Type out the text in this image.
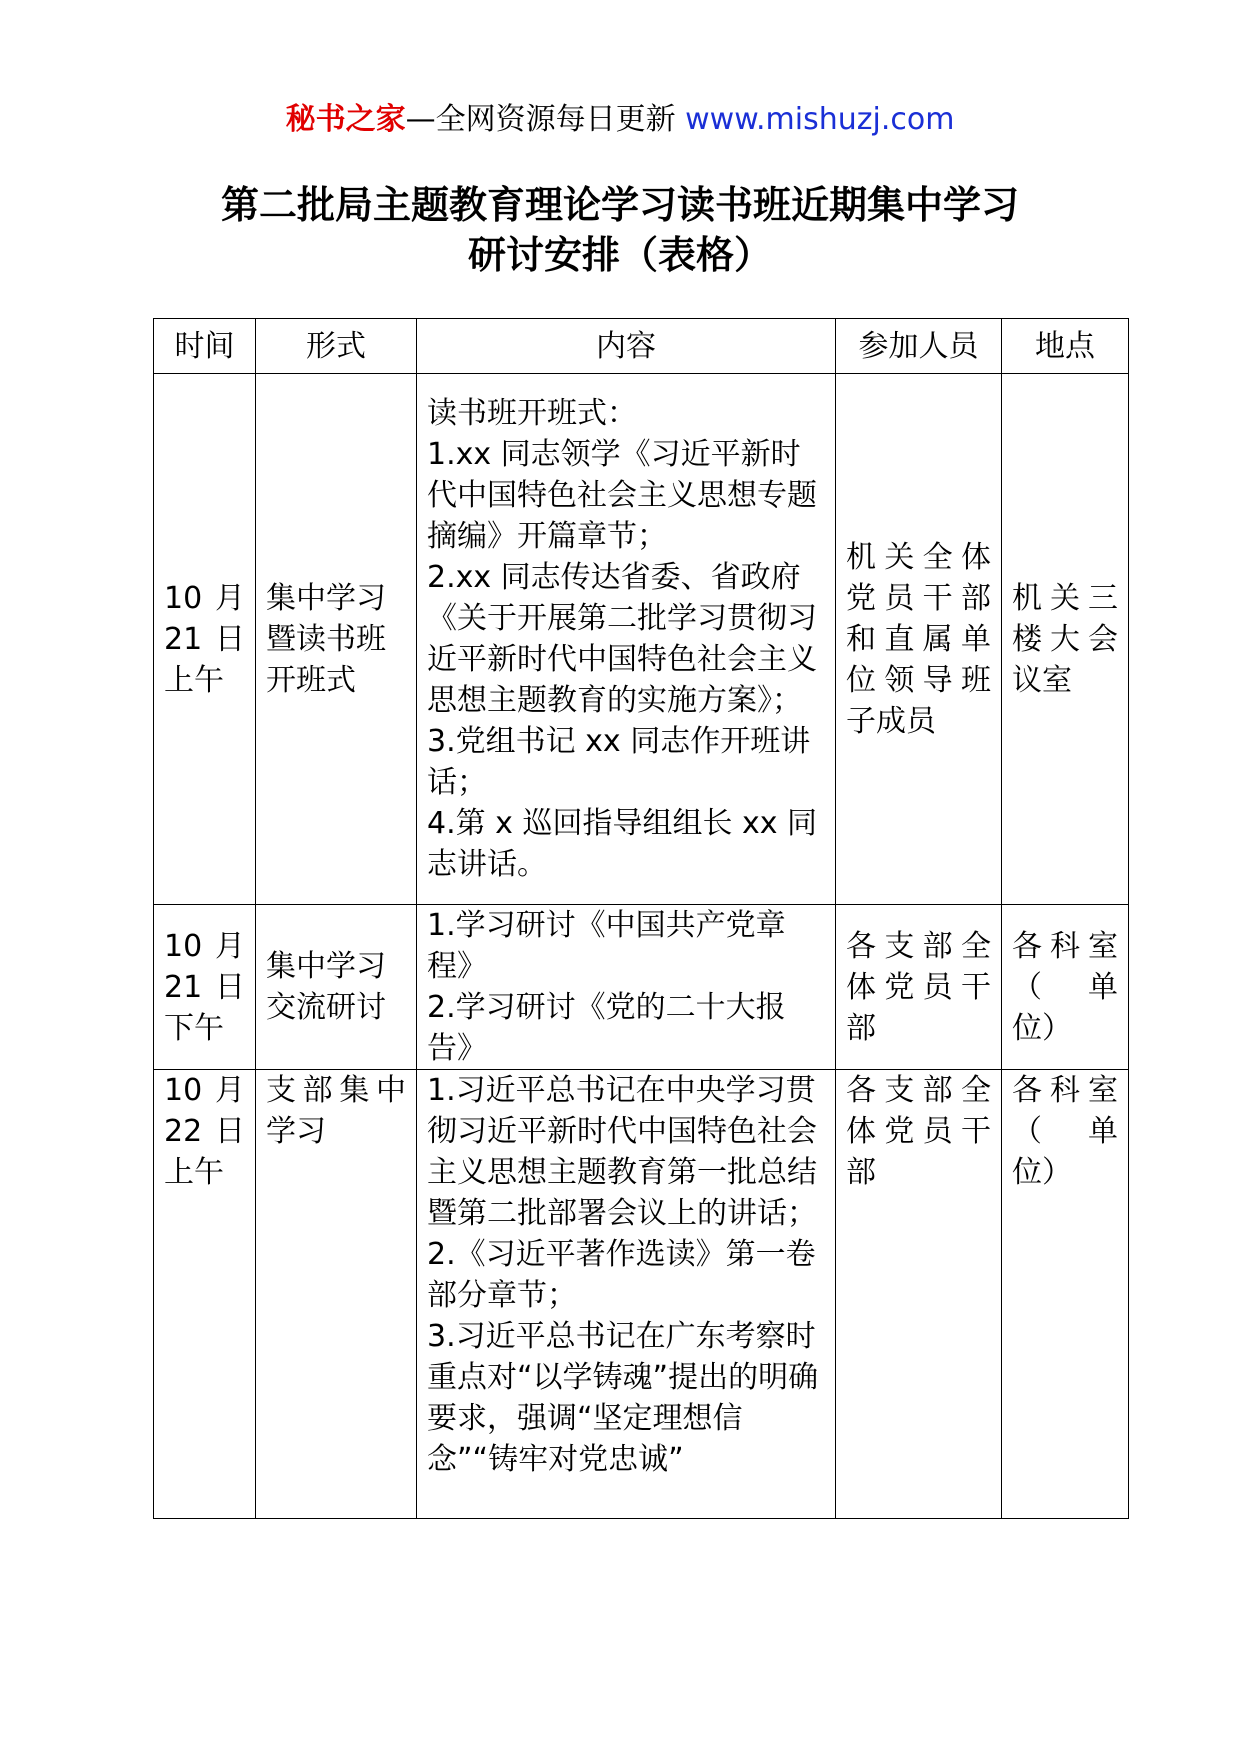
秘书之家—全网资源每日更新 www.mishuzj.com
第二批局主题教育理论学习读书班近期集中学习
研讨安排（表格）
时间	形式	内容	参加人员	地点
10 月 21 日上午	集中学习暨读书班开班式	读书班开班式：
1.xx 同志领学《习近平新时代中国特色社会主义思想专题摘编》开篇章节；
2.xx 同志传达省委、省政府《关于开展第二批学习贯彻习近平新时代中国特色社会主义思想主题教育的实施方案》；
3.党组书记 xx 同志作开班讲话；
4.第 x 巡回指导组组长 xx 同志讲话。	机关全体党员干部和直属单位领导班子成员	机关三楼大会议室
10 月 21 日下午	集中学习交流研讨	1.学习研讨《中国共产党章程》
2.学习研讨《党的二十大报告》	各支部全体党员干部	各科室（ 单位）
10 月 22 日上午	支部集中学习	1.习近平总书记在中央学习贯彻习近平新时代中国特色社会主义思想主题教育第一批总结暨第二批部署会议上的讲话；
2.《习近平著作选读》第一卷部分章节；
3.习近平总书记在广东考察时重点对“以学铸魂”提出的明确要求，强调“坚定理想信念”“铸牢对党忠诚”	各支部全体党员干部	各科室（ 单位）
